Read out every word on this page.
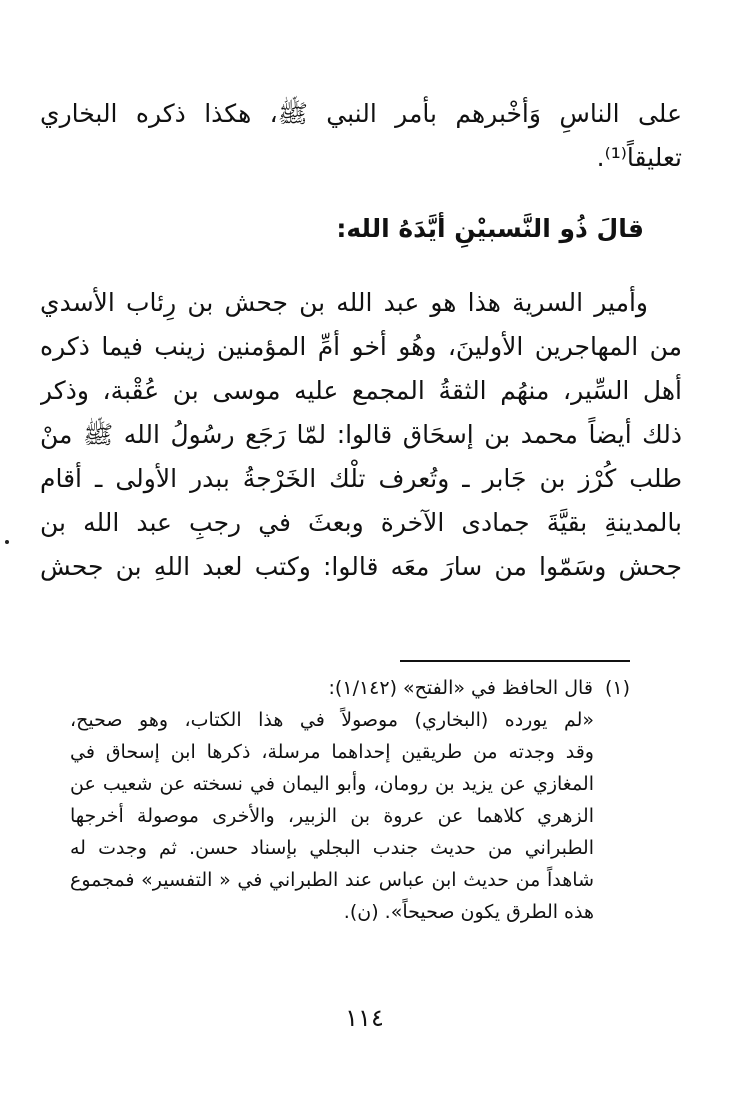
على الناسِ وَأخْبرهم بأمر النبي ﷺ، هكذا ذكره البخاري
تعليقاً⁽¹⁾.
قالَ ذُو النَّسبيْنِ أيَّدَهُ الله:
وأمير السرية هذا هو عبد الله بن جحش بن رِئاب الأسدي
من المهاجرين الأولينَ، وهُو أخو أمِّ المؤمنين زينب فيما ذكره
أهل السِّير، منهُم الثقةُ المجمع عليه موسى بن عُقْبة، وذكر
ذلك أيضاً محمد بن إسحَاق قالوا: لمّا رَجَع رسُولُ الله ﷺ منْ
طلب كُرْز بن جَابر ـ وتُعرف تلْك الخَرْجةُ ببدر الأولى ـ أقام
بالمدينةِ بقيَّةَ جمادى الآخرة وبعثَ في رجبِ عبد الله بن
جحش وسَمّوا من سارَ معَه قالوا: وكتب لعبد اللهِ بن جحش
(١)قال الحافظ في «الفتح» (١/١٤٢):
«لم يورده (البخاري) موصولاً في هذا الكتاب، وهو صحيح،
وقد وجدته من طريقين إحداهما مرسلة، ذكرها ابن إسحاق في
المغازي عن يزيد بن رومان، وأبو اليمان في نسخته عن شعيب عن
الزهري كلاهما عن عروة بن الزبير، والأخرى موصولة أخرجها
الطبراني من حديث جندب البجلي بإسناد حسن. ثم وجدت له
شاهداً من حديث ابن عباس عند الطبراني في « التفسير» فمجموع
هذه الطرق يكون صحيحاً». (ن).
١١٤
